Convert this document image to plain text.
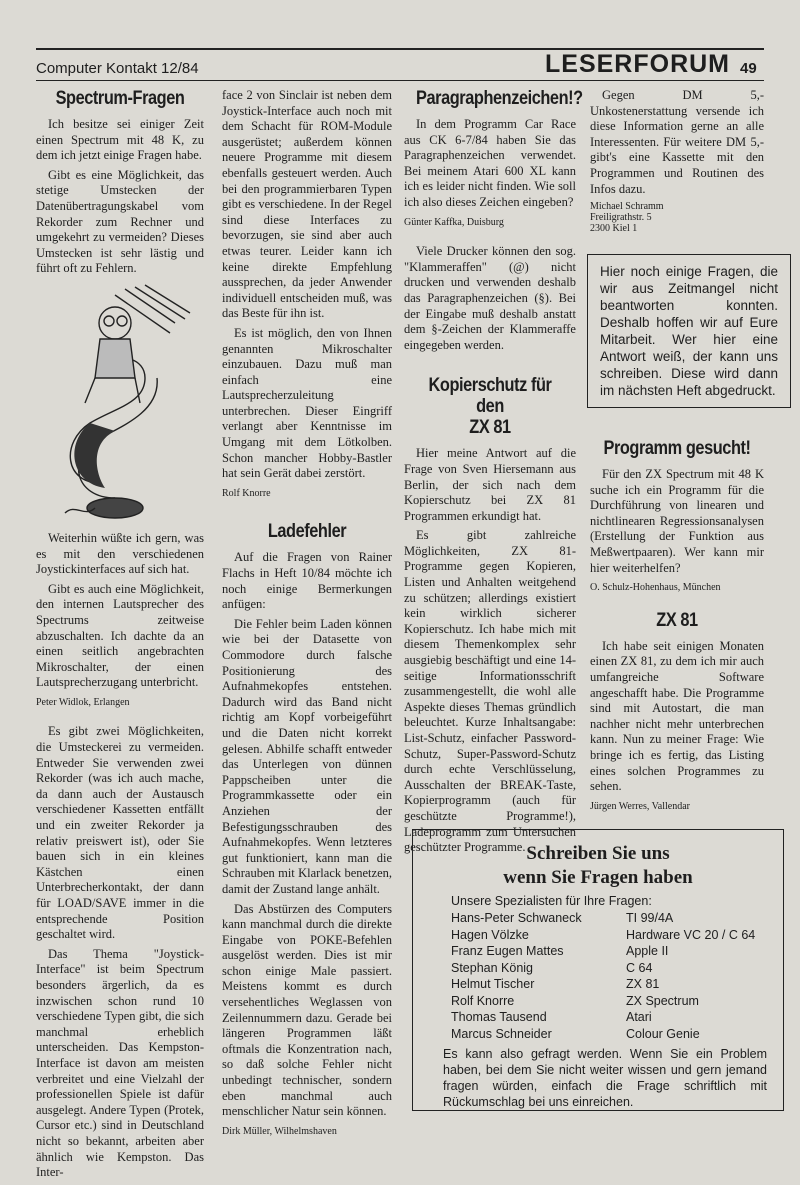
Computer Kontakt 12/84	LESERFORUM 49
Spectrum-Fragen

Ich besitze sei einiger Zeit einen Spectrum mit 48 K, zu dem ich jetzt einige Fragen habe.

Gibt es eine Möglichkeit, das stetige Umstecken der Datenübertragungskabel vom Rekorder zum Rechner und umgekehrt zu vermeiden? Dieses Umstecken ist sehr lästig und führt oft zu Fehlern.

Weiterhin wüßte ich gern, was es mit den verschiedenen Joystickinterfaces auf sich hat.

Gibt es auch eine Möglichkeit, den internen Lautsprecher des Spectrums zeitweise abzuschalten. Ich dachte da an einen seitlich angebrachten Mikroschalter, der einen Lautsprecherzugang unterbricht.

Peter Widlok, Erlangen

Es gibt zwei Möglichkeiten, die Umsteckerei zu vermeiden. Entweder Sie verwenden zwei Rekorder (was ich auch mache, da dann auch der Austausch verschiedener Kassetten entfällt und ein zweiter Rekorder ja relativ preiswert ist), oder Sie bauen sich in ein kleines Kästchen einen Unterbrecherkontakt, der dann für LOAD/SAVE immer in die entsprechende Position geschaltet wird.

Das Thema "Joystick-Interface" ist beim Spectrum besonders ärgerlich, da es inzwischen schon rund 10 verschiedene Typen gibt, die sich manchmal erheblich unterscheiden. Das Kempston-Interface ist davon am meisten verbreitet und eine Vielzahl der professionellen Spiele ist dafür ausgelegt. Andere Typen (Protek, Cursor etc.) sind in Deutschland nicht so bekannt, arbeiten aber ähnlich wie Kempston. Das Inter-

face 2 von Sinclair ist neben dem Joystick-Interface auch noch mit dem Schacht für ROM-Module ausgerüstet; außerdem können neuere Programme mit diesem ebenfalls gesteuert werden. Auch bei den programmierbaren Typen gibt es verschiedene. In der Regel sind diese Interfaces zu bevorzugen, sie sind aber auch etwas teurer. Leider kann ich keine direkte Empfehlung aussprechen, da jeder Anwender individuell entscheiden muß, was das Beste für ihn ist.

Es ist möglich, den von Ihnen genannten Mikroschalter einzubauen. Dazu muß man einfach eine Lautsprecherzuleitung unterbrechen. Dieser Eingriff verlangt aber Kenntnisse im Umgang mit dem Lötkolben. Schon mancher Hobby-Bastler hat sein Gerät dabei zerstört.

Rolf Knorre

Ladefehler

Auf die Fragen von Rainer Flachs in Heft 10/84 möchte ich noch einige Bermerkungen anfügen:

Die Fehler beim Laden können wie bei der Datasette von Commodore durch falsche Positionierung des Aufnahmekopfes entstehen. Dadurch wird das Band nicht richtig am Kopf vorbeigeführt und die Daten nicht korrekt gelesen. Abhilfe schafft entweder das Unterlegen von dünnen Pappscheiben unter die Programmkassette oder ein Anziehen der Befestigungsschrauben des Aufnahmekopfes. Wenn letzteres gut funktioniert, kann man die Schrauben mit Klarlack benetzen, damit der Zustand lange anhält.

Das Abstürzen des Computers kann manchmal durch die direkte Eingabe von POKE-Befehlen ausgelöst werden. Dies ist mir schon einige Male passiert. Meistens kommt es durch versehentliches Weglassen von Zeilennummern dazu. Gerade bei längeren Programmen läßt oftmals die Konzentration nach, so daß solche Fehler nicht unbedingt technischer, sondern eben manchmal auch menschlicher Natur sein können.

Dirk Müller, Wilhelmshaven

Paragraphenzeichen!?

In dem Programm Car Race aus CK 6-7/84 haben Sie das Paragraphenzeichen verwendet. Bei meinem Atari 600 XL kann ich es leider nicht finden. Wie soll ich also dieses Zeichen eingeben?

Günter Kaffka, Duisburg

Viele Drucker können den sog. "Klammeraffen" (@) nicht drucken und verwenden deshalb das Paragraphenzeichen (§). Bei der Eingabe muß deshalb anstatt dem §-Zeichen der Klammeraffe eingegeben werden.

Kopierschutz für den
ZX 81

Hier meine Antwort auf die Frage von Sven Hiersemann aus Berlin, der sich nach dem Kopierschutz bei ZX 81 Programmen erkundigt hat.

Es gibt zahlreiche Möglichkeiten, ZX 81-Programme gegen Kopieren, Listen und Anhalten weitgehend zu schützen; allerdings existiert kein wirklich sicherer Kopierschutz. Ich habe mich mit diesem Themenkomplex sehr ausgiebig beschäftigt und eine 14-seitige Informationsschrift zusammengestellt, die wohl alle Aspekte dieses Themas gründlich beleuchtet. Kurze Inhaltsangabe: List-Schutz, einfacher Password-Schutz, Super-Password-Schutz durch echte Verschlüsselung, Ausschalten der BREAK-Taste, Kopierprogramm (auch für geschützte Programme!), Ladeprogramm zum Untersuchen geschützter Programme.

Gegen DM 5,- Unkostenerstattung versende ich diese Information gerne an alle Interessenten. Für weitere DM 5,- gibt's eine Kassette mit den Programmen und Routinen des Infos dazu.

Michael Schramm

Freiligrathstr. 5

2300 Kiel 1

Hier noch einige Fragen, die wir aus Zeitmangel nicht beantworten konnten. Deshalb hoffen wir auf Eure Mitarbeit. Wer hier eine Antwort weiß, der kann uns schreiben. Diese wird dann im nächsten Heft abgedruckt.

Programm gesucht!

Für den ZX Spectrum mit 48 K suche ich ein Programm für die Durchführung von linearen und nichtlinearen Regressionsanalysen (Erstellung der Funktion aus Meßwertpaaren). Wer kann mir hier weiterhelfen?

O. Schulz-Hohenhaus, München

ZX 81

Ich habe seit einigen Monaten einen ZX 81, zu dem ich mir auch umfangreiche Software angeschafft habe. Die Programme sind mit Autostart, die man nachher nicht mehr unterbrechen kann. Nun zu meiner Frage: Wie bringe ich es fertig, das Listing eines solchen Programmes zu sehen.

Jürgen Werres, Vallendar

Schreiben Sie uns
wenn Sie Fragen haben
Unsere Spezialisten für Ihre Fragen:
Hans-Peter Schwaneck	TI 99/4A
Hagen Völzke	Hardware VC 20 / C 64
Franz Eugen Mattes	Apple II
Stephan König	C 64
Helmut Tischer	ZX 81
Rolf Knorre	ZX Spectrum
Thomas Tausend	Atari
Marcus Schneider	Colour Genie
Es kann also gefragt werden. Wenn Sie ein Problem haben, bei dem Sie nicht weiter wissen und gern jemand fragen würden, einfach die Frage schriftlich mit Rückumschlag bei uns einreichen.
